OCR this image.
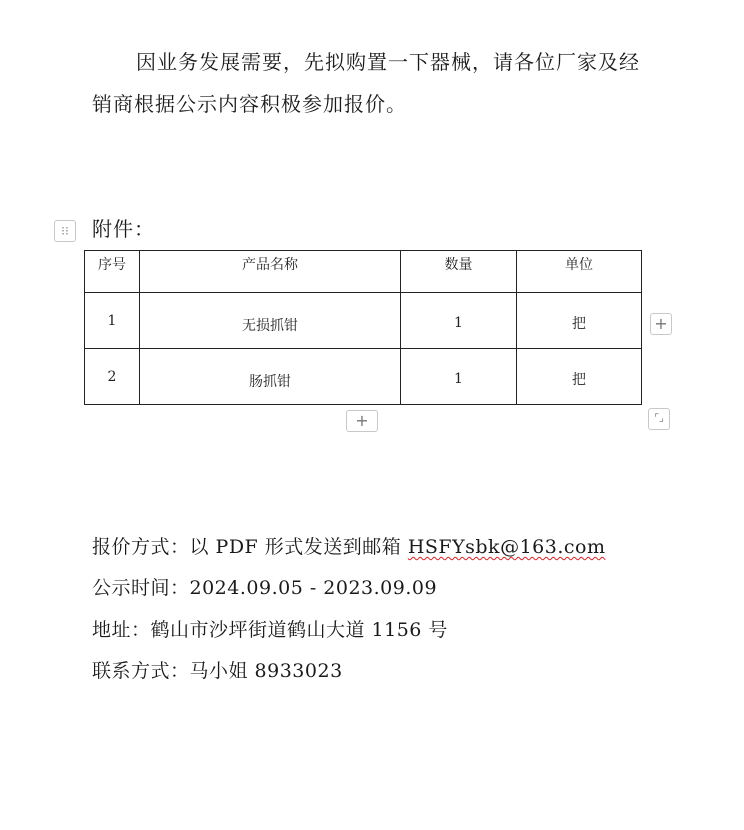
因业务发展需要，先拟购置一下器械，请各位厂家及经
销商根据公示内容积极参加报价。
⁝⁝	附件：
序号	产品名称	数量	单位
1	无损抓钳	1	把
2	肠抓钳	1	把
+
+	⌜⌟
报价方式：以 PDF 形式发送到邮箱 HSFYsbk@163.com
公示时间：2024.09.05 - 2023.09.09
地址：鹤山市沙坪街道鹤山大道 1156 号
联系方式：马小姐 8933023
